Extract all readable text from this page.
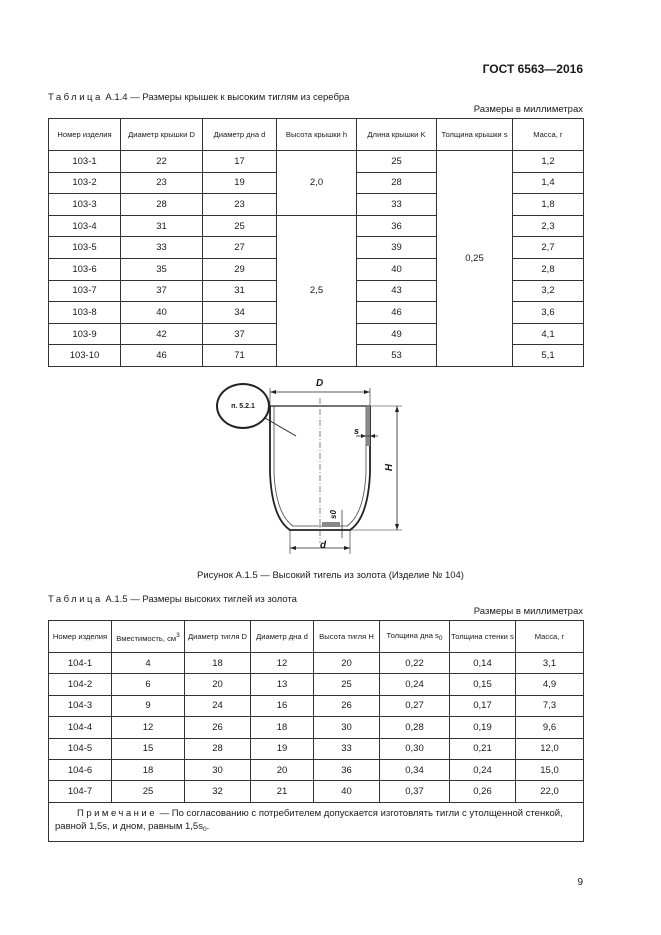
ГОСТ 6563—2016
Таблица А.1.4 — Размеры крышек к высоким тиглям из серебра
Размеры в миллиметрах
Номер изделия	Диаметр крышки D	Диаметр дна d	Высота крышки h	Длина крышки K	Толщина крышки s	Масса, г
103-1	22	17	2,0	25	0,25	1,2
103-2	23	19		28		1,4
103-3	28	23		33		1,8
103-4	31	25	2,5	36		2,3
103-5	33	27		39		2,7
103-6	35	29		40		2,8
103-7	37	31		43		3,2
103-8	40	34		46		3,6
103-9	42	37		49		4,1
103-10	46	71		53		5,1
п. 5.2.1
D
H
s
s0
d
Рисунок А.1.5 — Высокий тигель из золота (Изделие № 104)
Таблица А.1.5 — Размеры высоких тиглей из золота
Размеры в миллиметрах
Номер изделия	Вместимость, $см^3$	Диаметр тигля D	Диаметр дна d	Высота тигля H	Толщина дна $s_0$	Толщина стенки s	Масса, г
104-1	4	18	12	20	0,22	0,14	3,1
104-2	6	20	13	25	0,24	0,15	4,9
104-3	9	24	16	26	0,27	0,17	7,3
104-4	12	26	18	30	0,28	0,19	9,6
104-5	15	28	19	33	0,30	0,21	12,0
104-6	18	30	20	36	0,34	0,24	15,0
104-7	25	32	21	40	0,37	0,26	22,0
Примечание — По согласованию с потребителем допускается изготовлять тигли с утолщенной стенкой, равной 1,5s, и дном, равным $1,5s_0$.							
9
